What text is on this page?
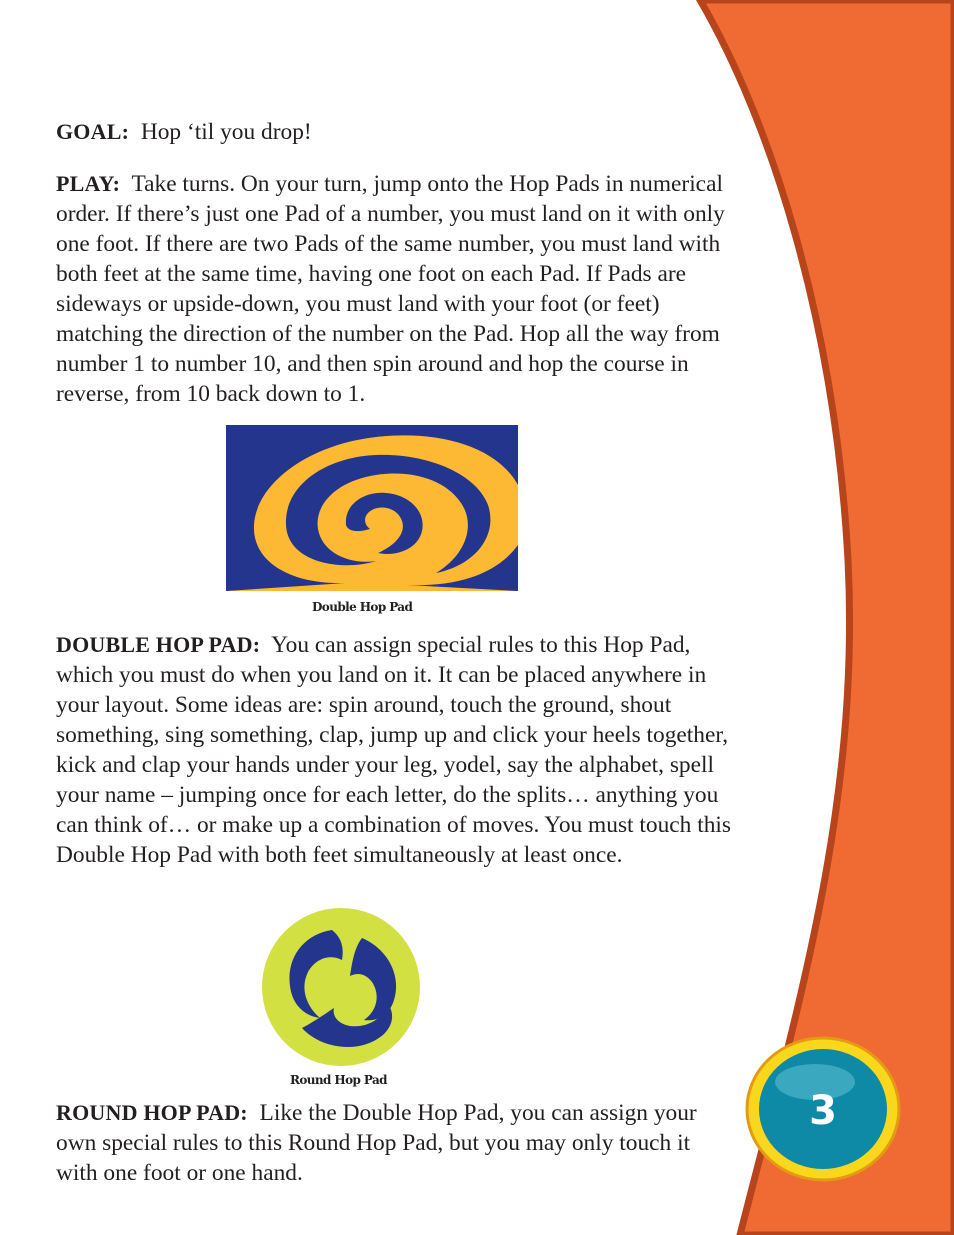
GOAL: Hop ‘til you drop!

PLAY: Take turns. On your turn, jump onto the Hop Pads in numerical order. If there’s just one Pad of a number, you must land on it with only one foot. If there are two Pads of the same number, you must land with both feet at the same time, having one foot on each Pad. If Pads are sideways or upside-down, you must land with your foot (or feet) matching the direction of the number on the Pad. Hop all the way from number 1 to number 10, and then spin around and hop the course in reverse, from 10 back down to 1.

Double Hop Pad

DOUBLE HOP PAD: You can assign special rules to this Hop Pad, which you must do when you land on it. It can be placed anywhere in your layout. Some ideas are: spin around, touch the ground, shout something, sing something, clap, jump up and click your heels together, kick and clap your hands under your leg, yodel, say the alphabet, spell your name – jumping once for each letter, do the splits… anything you can think of… or make up a combination of moves. You must touch this Double Hop Pad with both feet simultaneously at least once.

Round Hop Pad

ROUND HOP PAD: Like the Double Hop Pad, you can assign your own special rules to this Round Hop Pad, but you may only touch it with one foot or one hand.

3
